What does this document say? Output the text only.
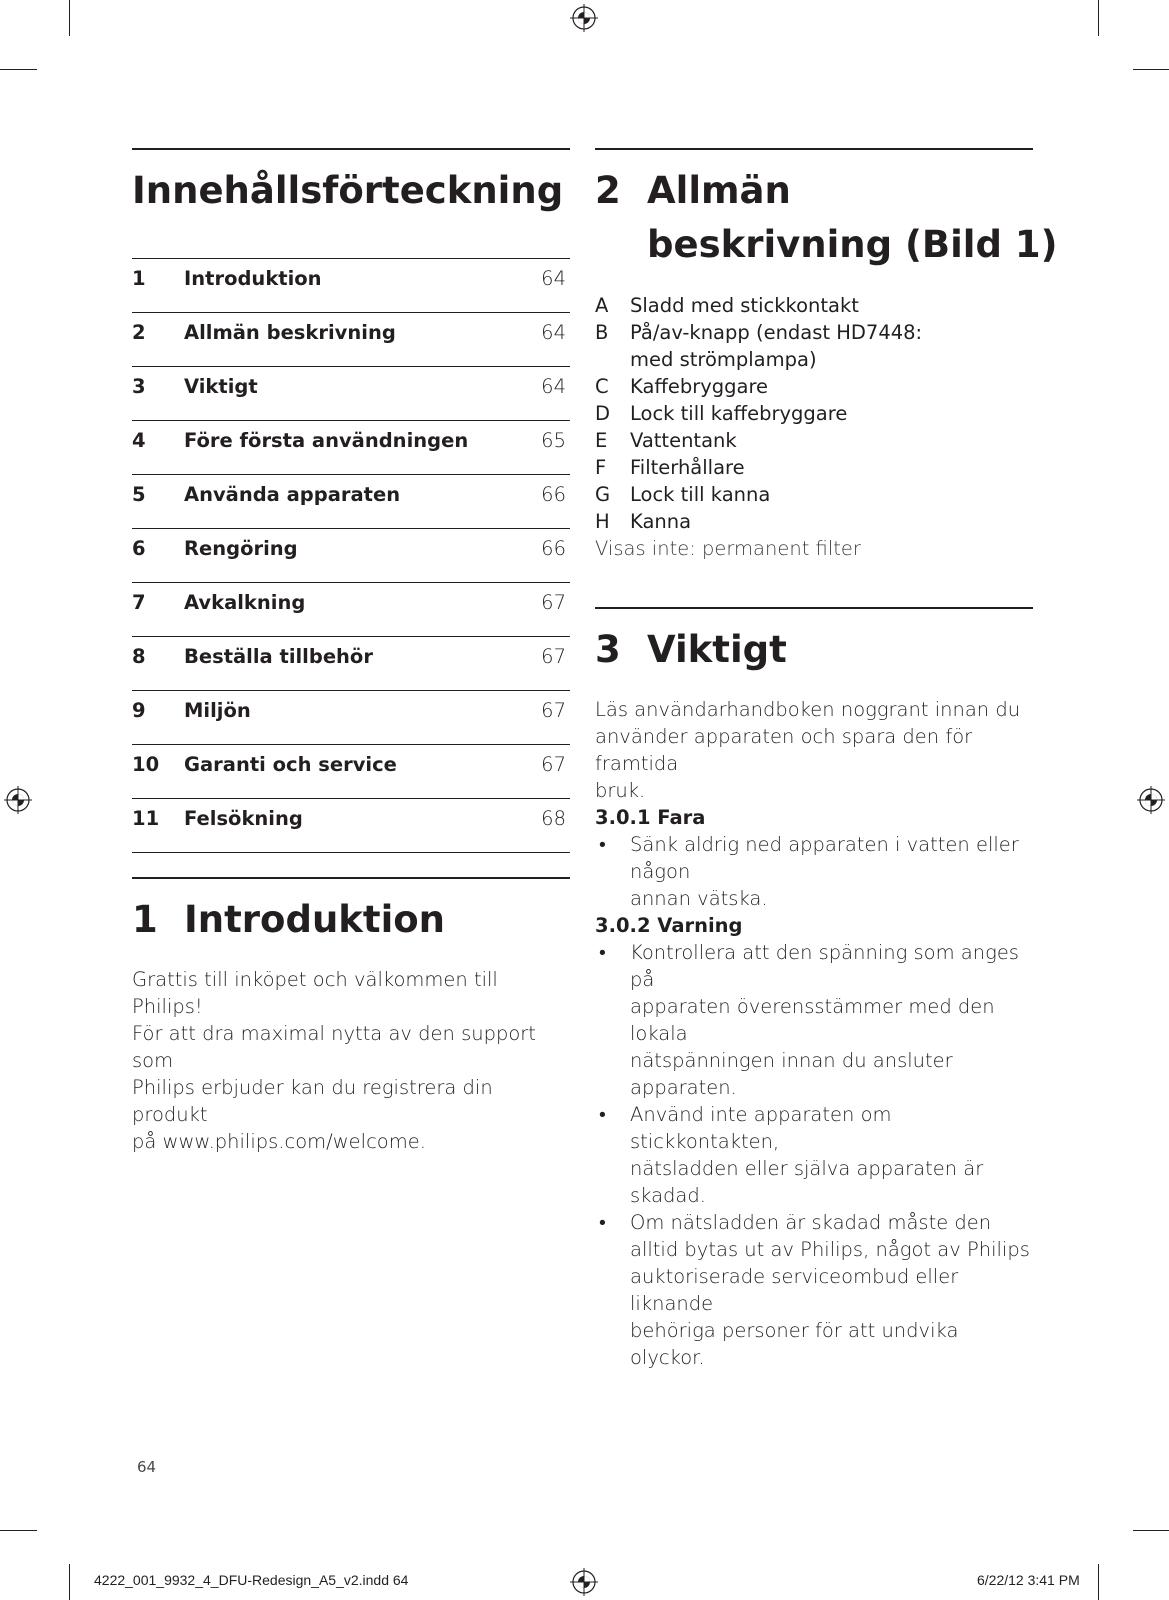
Innehållsförteckning
1 Introduktion	64
2 Allmän beskrivning	64
3 Viktigt	64
4 Före första användningen	65
5 Använda apparaten	66
6 Rengöring	66
7 Avkalkning	67
8 Beställa tillbehör	67
9 Miljön	67
10 Garanti och service	67
11 Felsökning	68
1 Introduktion
Grattis till inköpet och välkommen till Philips!
För att dra maximal nytta av den support som
Philips erbjuder kan du registrera din produkt
på www.philips.com/welcome.
2 Allmän
beskrivning (Bild 1)
A	Sladd med stickkontakt
B	På/av-knapp (endast HD7448:
med strömplampa)
C	Kaffebryggare
D	Lock till kaffebryggare
E	Vattentank
F	Filterhållare
G	Lock till kanna
H	Kanna
Visas inte: permanent filter
3 Viktigt
Läs användarhandboken noggrant innan du
använder apparaten och spara den för framtida
bruk.
3.0.1 Fara
•	Sänk aldrig ned apparaten i vatten eller någon
annan vätska.
3.0.2 Varning
•	Kontrollera att den spänning som anges på
apparaten överensstämmer med den lokala
nätspänningen innan du ansluter apparaten.
•	Använd inte apparaten om stickkontakten,
nätsladden eller själva apparaten är skadad.
•	Om nätsladden är skadad måste den
alltid bytas ut av Philips, något av Philips
auktoriserade serviceombud eller liknande
behöriga personer för att undvika olyckor.
64
4222_001_9932_4_DFU-Redesign_A5_v2.indd 64	6/22/12 3:41 PM
